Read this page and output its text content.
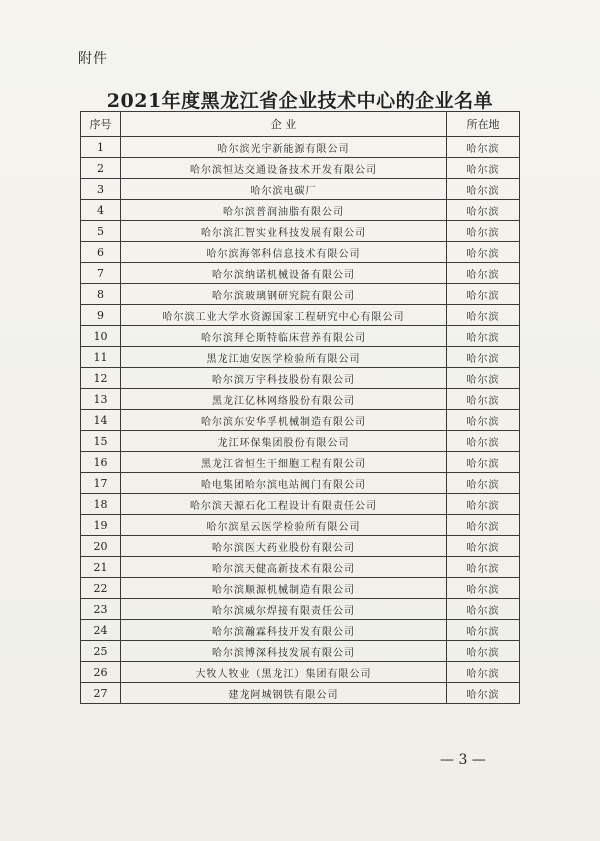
附件
2021年度黑龙江省企业技术中心的企业名单
序号	企 业	所在地
1	哈尔滨光宇新能源有限公司	哈尔滨
2	哈尔滨恒达交通设备技术开发有限公司	哈尔滨
3	哈尔滨电碳厂	哈尔滨
4	哈尔滨普润油脂有限公司	哈尔滨
5	哈尔滨汇智实业科技发展有限公司	哈尔滨
6	哈尔滨海邻科信息技术有限公司	哈尔滨
7	哈尔滨纳诺机械设备有限公司	哈尔滨
8	哈尔滨玻璃钢研究院有限公司	哈尔滨
9	哈尔滨工业大学水资源国家工程研究中心有限公司	哈尔滨
10	哈尔滨拜仑斯特临床营养有限公司	哈尔滨
11	黑龙江迪安医学检验所有限公司	哈尔滨
12	哈尔滨万宇科技股份有限公司	哈尔滨
13	黑龙江亿林网络股份有限公司	哈尔滨
14	哈尔滨东安华孚机械制造有限公司	哈尔滨
15	龙江环保集团股份有限公司	哈尔滨
16	黑龙江省恒生干细胞工程有限公司	哈尔滨
17	哈电集团哈尔滨电站阀门有限公司	哈尔滨
18	哈尔滨天源石化工程设计有限责任公司	哈尔滨
19	哈尔滨星云医学检验所有限公司	哈尔滨
20	哈尔滨医大药业股份有限公司	哈尔滨
21	哈尔滨天健高新技术有限公司	哈尔滨
22	哈尔滨顺源机械制造有限公司	哈尔滨
23	哈尔滨威尔焊接有限责任公司	哈尔滨
24	哈尔滨瀚霖科技开发有限公司	哈尔滨
25	哈尔滨博深科技发展有限公司	哈尔滨
26	大牧人牧业（黑龙江）集团有限公司	哈尔滨
27	建龙阿城钢铁有限公司	哈尔滨
— 3 —
